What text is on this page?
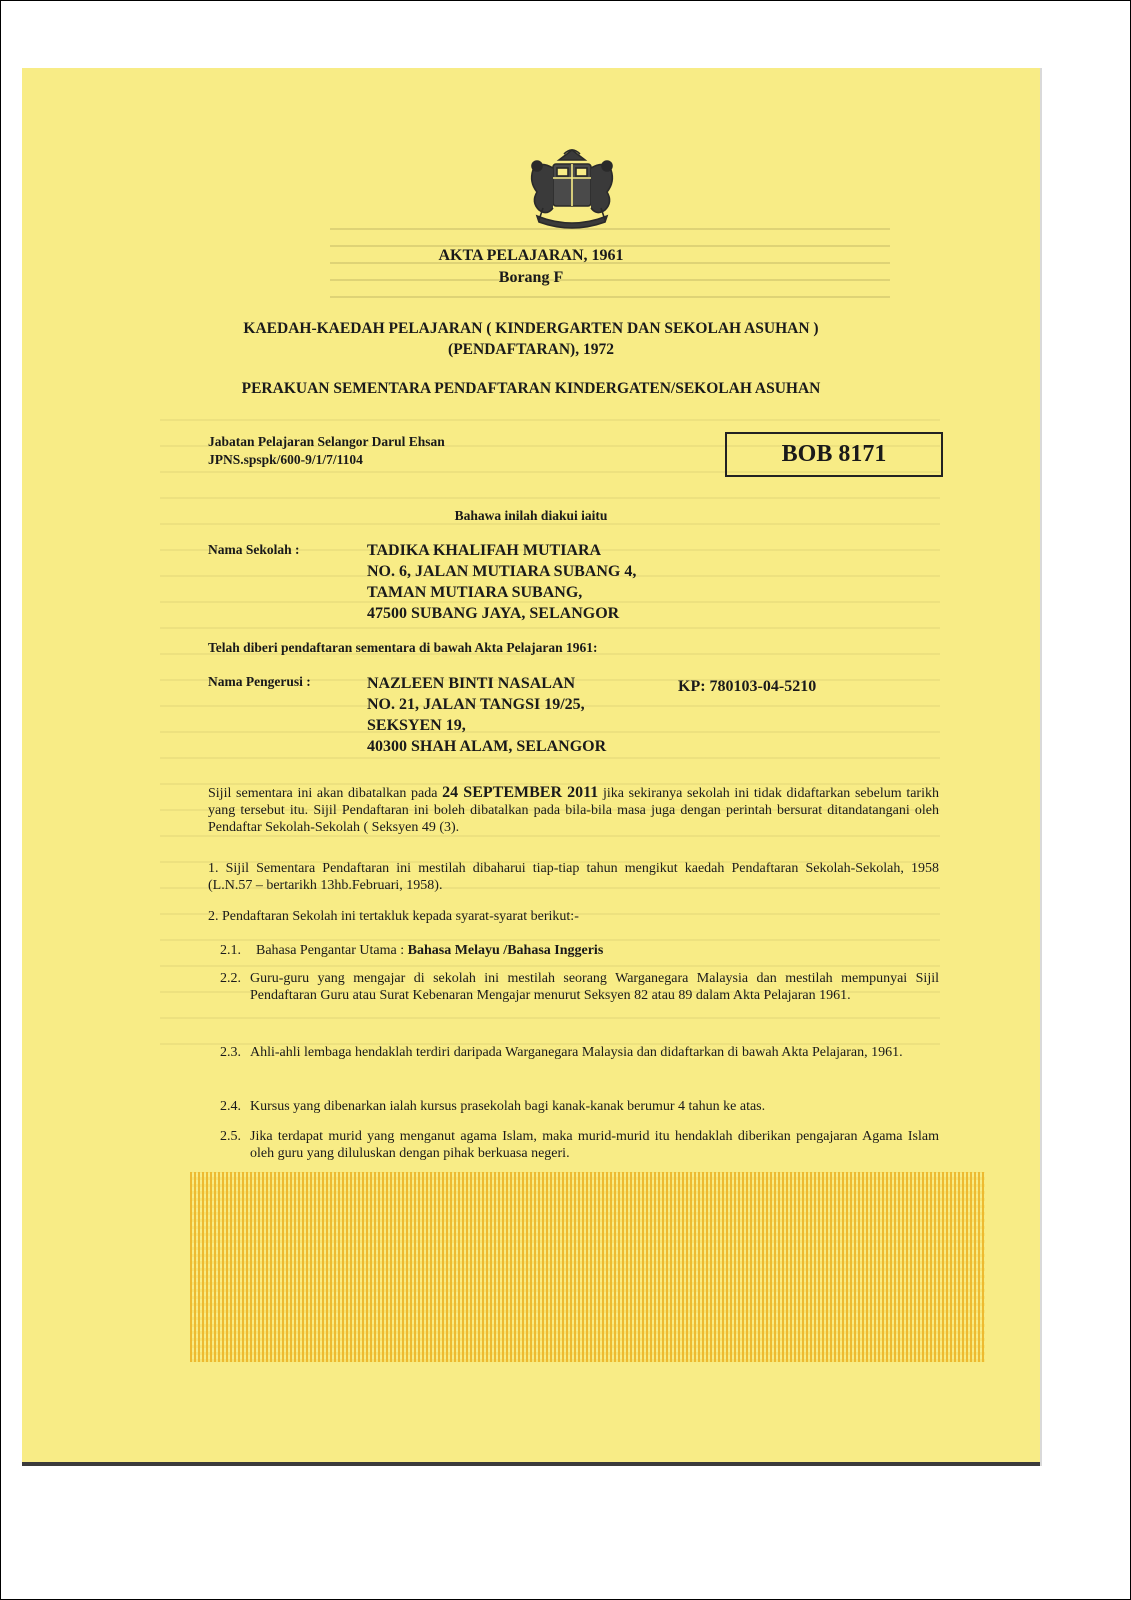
AKTA PELAJARAN, 1961
Borang F
KAEDAH-KAEDAH PELAJARAN ( KINDERGARTEN DAN SEKOLAH ASUHAN )
(PENDAFTARAN), 1972
PERAKUAN SEMENTARA PENDAFTARAN KINDERGATEN/SEKOLAH ASUHAN
Jabatan Pelajaran Selangor Darul Ehsan
JPNS.spspk/600-9/1/7/1104	BOB 8171
Bahawa inilah diakui iaitu
Nama Sekolah :	TADIKA KHALIFAH MUTIARA
NO. 6, JALAN MUTIARA SUBANG 4,
TAMAN MUTIARA SUBANG,
47500 SUBANG JAYA, SELANGOR
Telah diberi pendaftaran sementara di bawah Akta Pelajaran 1961:
Nama Pengerusi :	NAZLEEN BINTI NASALAN	KP: 780103-04-5210
NO. 21, JALAN TANGSI 19/25,
SEKSYEN 19,
40300 SHAH ALAM, SELANGOR
Sijil sementara ini akan dibatalkan pada 24 SEPTEMBER 2011 jika sekiranya sekolah ini tidak didaftarkan sebelum tarikh yang tersebut itu. Sijil Pendaftaran ini boleh dibatalkan pada bila-bila masa juga dengan perintah bersurat ditandatangani oleh Pendaftar Sekolah-Sekolah ( Seksyen 49 (3).
1. Sijil Sementara Pendaftaran ini mestilah dibaharui tiap-tiap tahun mengikut kaedah Pendaftaran Sekolah-Sekolah, 1958 (L.N.57 – bertarikh 13hb.Februari, 1958).
2. Pendaftaran Sekolah ini tertakluk kepada syarat-syarat berikut:-
2.1.	Bahasa Pengantar Utama : Bahasa Melayu /Bahasa Inggeris
2.2. Guru-guru yang mengajar di sekolah ini mestilah seorang Warganegara Malaysia dan mestilah mempunyai Sijil Pendaftaran Guru atau Surat Kebenaran Mengajar menurut Seksyen 82 atau 89 dalam Akta Pelajaran 1961.
2.3. Ahli-ahli lembaga hendaklah terdiri daripada Warganegara Malaysia dan didaftarkan di bawah Akta Pelajaran, 1961.
2.4. Kursus yang dibenarkan ialah kursus prasekolah bagi kanak-kanak berumur 4 tahun ke atas.
2.5. Jika terdapat murid yang menganut agama Islam, maka murid-murid itu hendaklah diberikan pengajaran Agama Islam oleh guru yang diluluskan dengan pihak berkuasa negeri.
